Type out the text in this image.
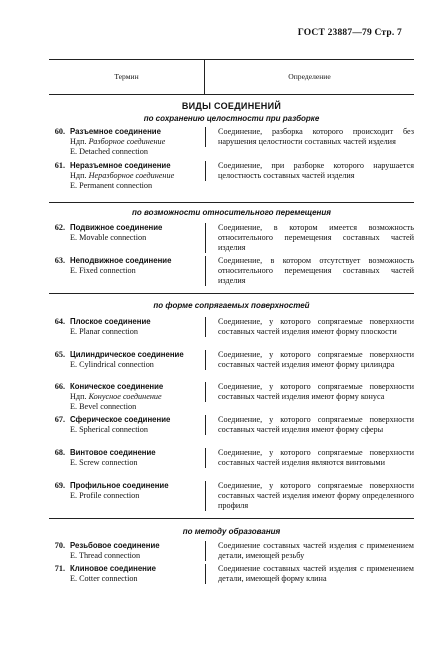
ГОСТ 23887—79 Стр. 7
Термин	Определение
ВИДЫ СОЕДИНЕНИЙ
по сохранению целостности при разборке
60. Разъемное соединение
Ндп. Разборное соединение
E. Detached connection
Соединение, разборка которого происходит без нарушения целостности составных частей изделия
61. Неразъемное соединение
Ндп. Неразборное соединение
E. Permanent connection
Соединение, при разборке которого нарушается целостность составных частей изделия
по возможности относительного перемещения
62. Подвижное соединение
E. Movable connection
Соединение, в котором имеется возможность относительного перемещения составных частей изделия
63. Неподвижное соединение
E. Fixed connection
Соединение, в котором отсутствует возможность относительного перемещения составных частей изделия
по форме сопрягаемых поверхностей
64. Плоское соединение
E. Planar connection
Соединение, у которого сопрягаемые поверхности составных частей изделия имеют форму плоскости
65. Цилиндрическое соединение
E. Cylindrical connection
Соединение, у которого сопрягаемые поверхности составных частей изделия имеют форму цилиндра
66. Коническое соединение
Ндп. Конусное соединение
E. Bevel connection
Соединение, у которого сопрягаемые поверхности составных частей изделия имеют форму конуса
67. Сферическое соединение
E. Spherical connection
Соединение, у которого сопрягаемые поверхности составных частей изделия имеют форму сферы
68. Винтовое соединение
E. Screw connection
Соединение, у которого сопрягаемые поверхности составных частей изделия являются винтовыми
69. Профильное соединение
E. Profile connection
Соединение, у которого сопрягаемые поверхности составных частей изделия имеют форму определенного профиля
по методу образования
70. Резьбовое соединение
E. Thread connection
Соединение составных частей изделия с применением детали, имеющей резьбу
71. Клиновое соединение
E. Cotter connection
Соединение составных частей изделия с применением детали, имеющей форму клина
